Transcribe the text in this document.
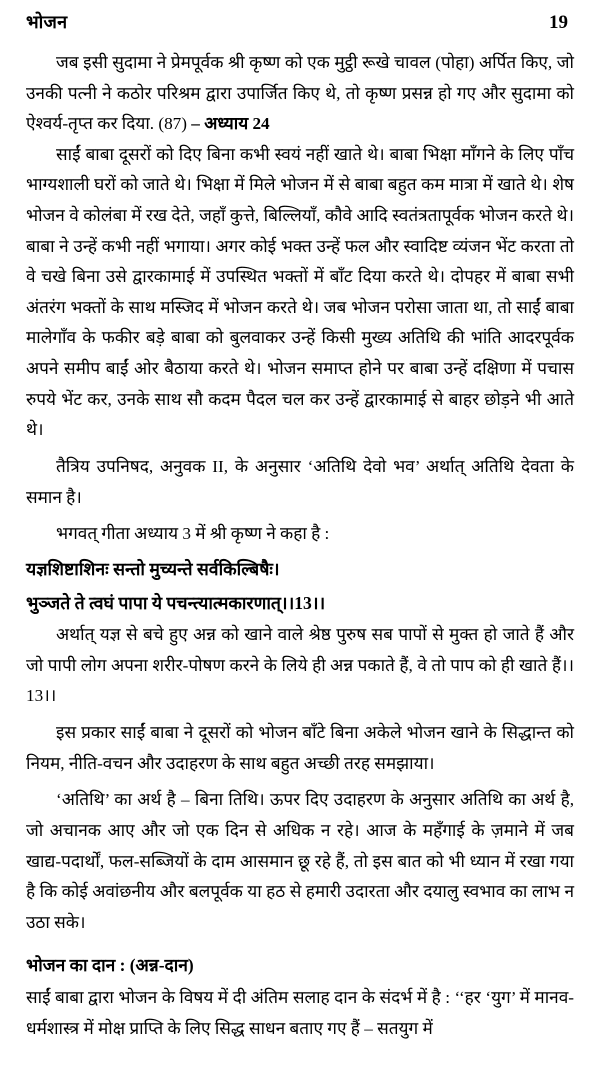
भोजन	19

जब इसी सुदामा ने प्रेमपूर्वक श्री कृष्ण को एक मुट्ठी रूखे चावल (पोहा) अर्पित किए, जो उनकी पत्नी ने कठोर परिश्रम द्वारा उपार्जित किए थे, तो कृष्ण प्रसन्न हो गए और सुदामा को ऐश्वर्य-तृप्त कर दिया. (87) – अध्याय 24

साईं बाबा दूसरों को दिए बिना कभी स्वयं नहीं खाते थे। बाबा भिक्षा माँगने के लिए पाँच भाग्यशाली घरों को जाते थे। भिक्षा में मिले भोजन में से बाबा बहुत कम मात्रा में खाते थे। शेष भोजन वे कोलंबा में रख देते, जहाँ कुत्ते, बिल्लियाँ, कौवे आदि स्वतंत्रतापूर्वक भोजन करते थे। बाबा ने उन्हें कभी नहीं भगाया। अगर कोई भक्त उन्हें फल और स्वादिष्ट व्यंजन भेंट करता तो वे चखे बिना उसे द्वारकामाई में उपस्थित भक्तों में बाँट दिया करते थे। दोपहर में बाबा सभी अंतरंग भक्तों के साथ मस्जिद में भोजन करते थे। जब भोजन परोसा जाता था, तो साईं बाबा मालेगाँव के फकीर बड़े बाबा को बुलवाकर उन्हें किसी मुख्य अतिथि की भांति आदरपूर्वक अपने समीप बाईं ओर बैठाया करते थे। भोजन समाप्त होने पर बाबा उन्हें दक्षिणा में पचास रुपये भेंट कर, उनके साथ सौ कदम पैदल चल कर उन्हें द्वारकामाई से बाहर छोड़ने भी आते थे।

तैत्रिय उपनिषद, अनुवक II, के अनुसार ‘अतिथि देवो भव’ अर्थात् अतिथि देवता के समान है।

भगवत् गीता अध्याय 3 में श्री कृष्ण ने कहा है :

यज्ञशिष्टाशिनः सन्तो मुच्यन्ते सर्वकिल्बिषैः।

भुञ्जते ते त्वघं पापा ये पचन्त्यात्मकारणात्।।13।।

अर्थात् यज्ञ से बचे हुए अन्न को खाने वाले श्रेष्ठ पुरुष सब पापों से मुक्त हो जाते हैं और जो पापी लोग अपना शरीर-पोषण करने के लिये ही अन्न पकाते हैं, वे तो पाप को ही खाते हैं।।13।।

इस प्रकार साईं बाबा ने दूसरों को भोजन बाँटे बिना अकेले भोजन खाने के सिद्धान्त को नियम, नीति-वचन और उदाहरण के साथ बहुत अच्छी तरह समझाया।

‘अतिथि’ का अर्थ है – बिना तिथि। ऊपर दिए उदाहरण के अनुसार अतिथि का अर्थ है, जो अचानक आए और जो एक दिन से अधिक न रहे। आज के महँगाई के ज़माने में जब खाद्य-पदार्थों, फल-सब्जियों के दाम आसमान छू रहे हैं, तो इस बात को भी ध्यान में रखा गया है कि कोई अवांछनीय और बलपूर्वक या हठ से हमारी उदारता और दयालु स्वभाव का लाभ न उठा सके।

भोजन का दान : (अन्न-दान)

साईं बाबा द्वारा भोजन के विषय में दी अंतिम सलाह दान के संदर्भ में है : ‘‘हर ‘युग’ में मानव-धर्मशास्त्र में मोक्ष प्राप्ति के लिए सिद्ध साधन बताए गए हैं – सतयुग में
